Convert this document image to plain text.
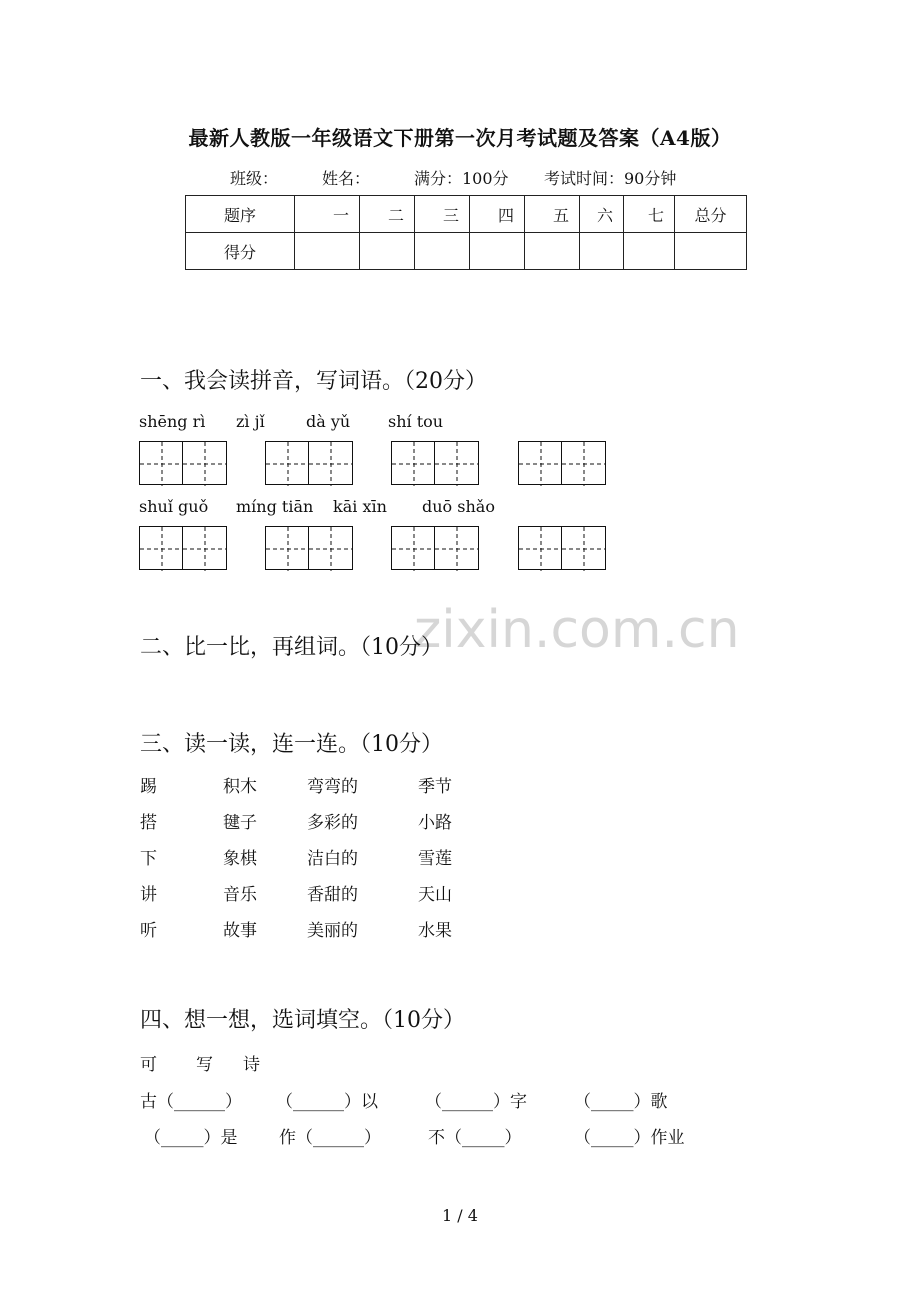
最新人教版一年级语文下册第一次月考试题及答案（A4版）
班级：	姓名：	满分：100分 考试时间：90分钟
题序	一	二	三	四	五	六	七	总分
得分								
一、我会读拼音，写词语。（20分）
shēng rì zì jǐ	dà yǔ shí tou
shuǐ guǒ míng tiān kāi xīn duō shǎo
zixin.com.cn
二、比一比，再组词。（10分）
三、读一读，连一连。（10分）
踢	积木	弯弯的	季节
搭	毽子	多彩的	小路
下	象棋	洁白的	雪莲
讲	音乐	香甜的	天山
听	故事	美丽的	水果
四、想一想，选词填空。（10分）
可 写 诗
古（______） （______）以	（______）字	（_____）歌
（_____）是 作（______）	不（_____）	（_____）作业
1 / 4
